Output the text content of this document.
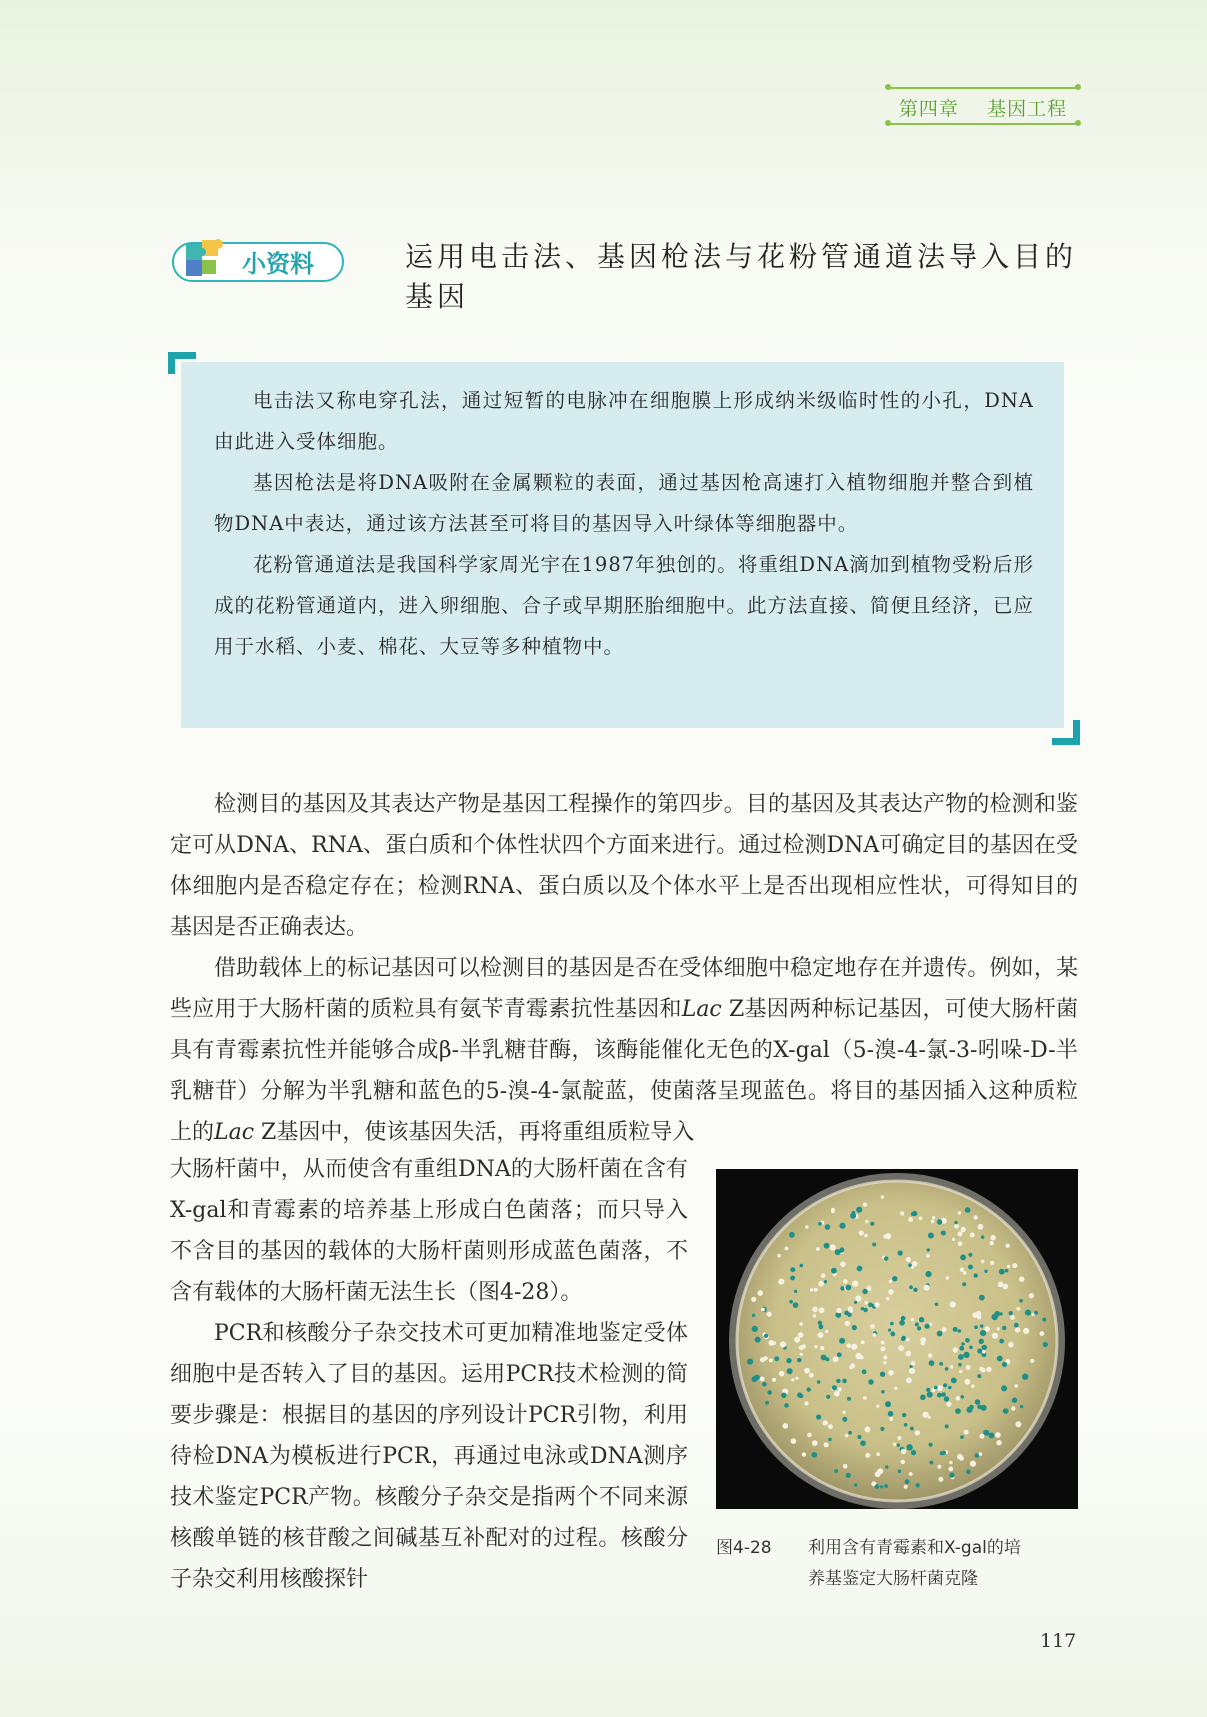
第四章    基因工程
小资料	运用电击法、基因枪法与花粉管通道法导入目的基因

电击法又称电穿孔法，通过短暂的电脉冲在细胞膜上形成纳米级临时性的小孔，DNA由此进入受体细胞。

基因枪法是将DNA吸附在金属颗粒的表面，通过基因枪高速打入植物细胞并整合到植物DNA中表达，通过该方法甚至可将目的基因导入叶绿体等细胞器中。

花粉管通道法是我国科学家周光宇在1987年独创的。将重组DNA滴加到植物受粉后形成的花粉管通道内，进入卵细胞、合子或早期胚胎细胞中。此方法直接、简便且经济，已应用于水稻、小麦、棉花、大豆等多种植物中。

检测目的基因及其表达产物是基因工程操作的第四步。目的基因及其表达产物的检测和鉴定可从DNA、RNA、蛋白质和个体性状四个方面来进行。通过检测DNA可确定目的基因在受体细胞内是否稳定存在；检测RNA、蛋白质以及个体水平上是否出现相应性状，可得知目的基因是否正确表达。

借助载体上的标记基因可以检测目的基因是否在受体细胞中稳定地存在并遗传。例如，某些应用于大肠杆菌的质粒具有氨苄青霉素抗性基因和Lac Z基因两种标记基因，可使大肠杆菌具有青霉素抗性并能够合成β-半乳糖苷酶，该酶能催化无色的X-gal（5-溴-4-氯-3-吲哚-D-半乳糖苷）分解为半乳糖和蓝色的5-溴-4-氯靛蓝，使菌落呈现蓝色。将目的基因插入这种质粒上的Lac Z基因中，使该基因失活，再将重组质粒导入

大肠杆菌中，从而使含有重组DNA的大肠杆菌在含有X-gal和青霉素的培养基上形成白色菌落；而只导入不含目的基因的载体的大肠杆菌则形成蓝色菌落，不含有载体的大肠杆菌无法生长（图4-28）。

PCR和核酸分子杂交技术可更加精准地鉴定受体细胞中是否转入了目的基因。运用PCR技术检测的简要步骤是：根据目的基因的序列设计PCR引物，利用待检DNA为模板进行PCR，再通过电泳或DNA测序技术鉴定PCR产物。核酸分子杂交是指两个不同来源核酸单链的核苷酸之间碱基互补配对的过程。核酸分子杂交利用核酸探针

图4-28 利用含有青霉素和X-gal的培
养基鉴定大肠杆菌克隆
117
